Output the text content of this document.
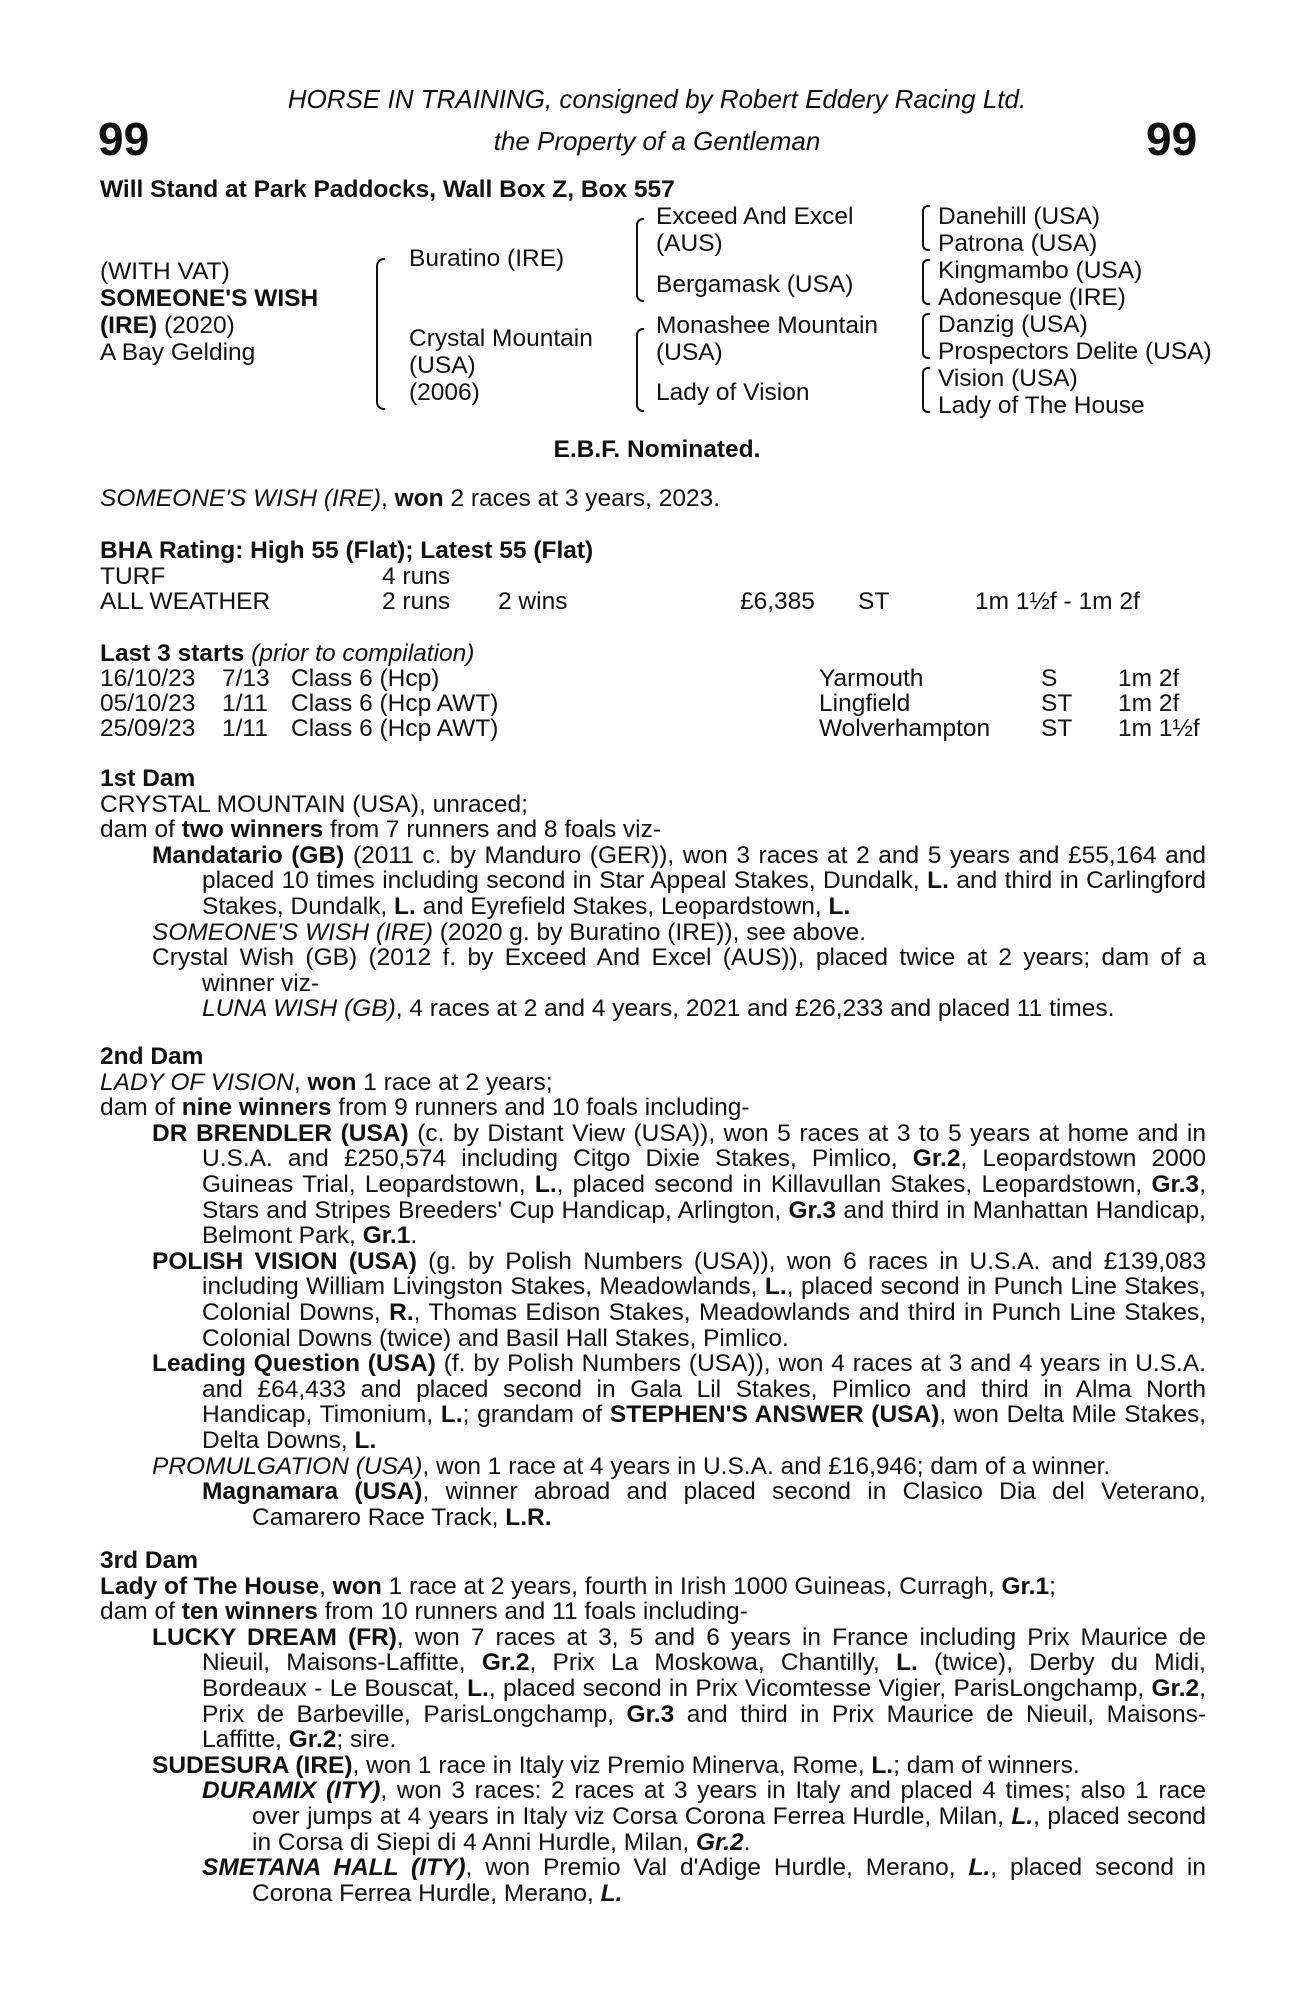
99	99
HORSE IN TRAINING, consigned by Robert Eddery Racing Ltd.
the Property of a Gentleman
Will Stand at Park Paddocks, Wall Box Z, Box 557
(WITH VAT)
SOMEONE'S WISH
(IRE) (2020)
A Bay Gelding
Buratino (IRE)
Crystal Mountain
(USA)
(2006)
Exceed And Excel
(AUS)
Bergamask (USA)
Monashee Mountain
(USA)
Lady of Vision
Danehill (USA)
Patrona (USA)
Kingmambo (USA)
Adonesque (IRE)
Danzig (USA)
Prospectors Delite (USA)
Vision (USA)
Lady of The House
E.B.F. Nominated.
SOMEONE'S WISH (IRE), won 2 races at 3 years, 2023.
BHA Rating: High 55 (Flat); Latest 55 (Flat)
TURF	4 runs
ALL WEATHER	2 runs 2 wins	£6,385 ST	1m 1½f - 1m 2f
Last 3 starts (prior to compilation)
16/10/23 7/13 Class 6 (Hcp)	Yarmouth	S 1m 2f
05/10/23 1/11 Class 6 (Hcp AWT)	Lingfield	ST 1m 2f
25/09/23 1/11 Class 6 (Hcp AWT)	Wolverhampton ST 1m 1½f

1st Dam

CRYSTAL MOUNTAIN (USA), unraced;

dam of two winners from 7 runners and 8 foals viz-

Mandatario (GB) (2011 c. by Manduro (GER)), won 3 races at 2 and 5 years and £55,164 and placed 10 times including second in Star Appeal Stakes, Dundalk, L. and third in Carlingford Stakes, Dundalk, L. and Eyrefield Stakes, Leopardstown, L.

SOMEONE'S WISH (IRE) (2020 g. by Buratino (IRE)), see above.

Crystal Wish (GB) (2012 f. by Exceed And Excel (AUS)), placed twice at 2 years; dam of a winner viz-

LUNA WISH (GB), 4 races at 2 and 4 years, 2021 and £26,233 and placed 11 times.

2nd Dam

LADY OF VISION, won 1 race at 2 years;

dam of nine winners from 9 runners and 10 foals including-

DR BRENDLER (USA) (c. by Distant View (USA)), won 5 races at 3 to 5 years at home and in U.S.A. and £250,574 including Citgo Dixie Stakes, Pimlico, Gr.2, Leopardstown 2000 Guineas Trial, Leopardstown, L., placed second in Killavullan Stakes, Leopardstown, Gr.3, Stars and Stripes Breeders' Cup Handicap, Arlington, Gr.3 and third in Manhattan Handicap, Belmont Park, Gr.1.

POLISH VISION (USA) (g. by Polish Numbers (USA)), won 6 races in U.S.A. and £139,083 including William Livingston Stakes, Meadowlands, L., placed second in Punch Line Stakes, Colonial Downs, R., Thomas Edison Stakes, Meadowlands and third in Punch Line Stakes, Colonial Downs (twice) and Basil Hall Stakes, Pimlico.

Leading Question (USA) (f. by Polish Numbers (USA)), won 4 races at 3 and 4 years in U.S.A. and £64,433 and placed second in Gala Lil Stakes, Pimlico and third in Alma North Handicap, Timonium, L.; grandam of STEPHEN'S ANSWER (USA), won Delta Mile Stakes, Delta Downs, L.

PROMULGATION (USA), won 1 race at 4 years in U.S.A. and £16,946; dam of a winner.

Magnamara (USA), winner abroad and placed second in Clasico Dia del Veterano, Camarero Race Track, L.R.

3rd Dam

Lady of The House, won 1 race at 2 years, fourth in Irish 1000 Guineas, Curragh, Gr.1;

dam of ten winners from 10 runners and 11 foals including-

LUCKY DREAM (FR), won 7 races at 3, 5 and 6 years in France including Prix Maurice de Nieuil, Maisons-Laffitte, Gr.2, Prix La Moskowa, Chantilly, L. (twice), Derby du Midi, Bordeaux - Le Bouscat, L., placed second in Prix Vicomtesse Vigier, ParisLongchamp, Gr.2, Prix de Barbeville, ParisLongchamp, Gr.3 and third in Prix Maurice de Nieuil, Maisons-Laffitte, Gr.2; sire.

SUDESURA (IRE), won 1 race in Italy viz Premio Minerva, Rome, L.; dam of winners.

DURAMIX (ITY), won 3 races: 2 races at 3 years in Italy and placed 4 times; also 1 race over jumps at 4 years in Italy viz Corsa Corona Ferrea Hurdle, Milan, L., placed second in Corsa di Siepi di 4 Anni Hurdle, Milan, Gr.2.

SMETANA HALL (ITY), won Premio Val d'Adige Hurdle, Merano, L., placed second in Corona Ferrea Hurdle, Merano, L.
